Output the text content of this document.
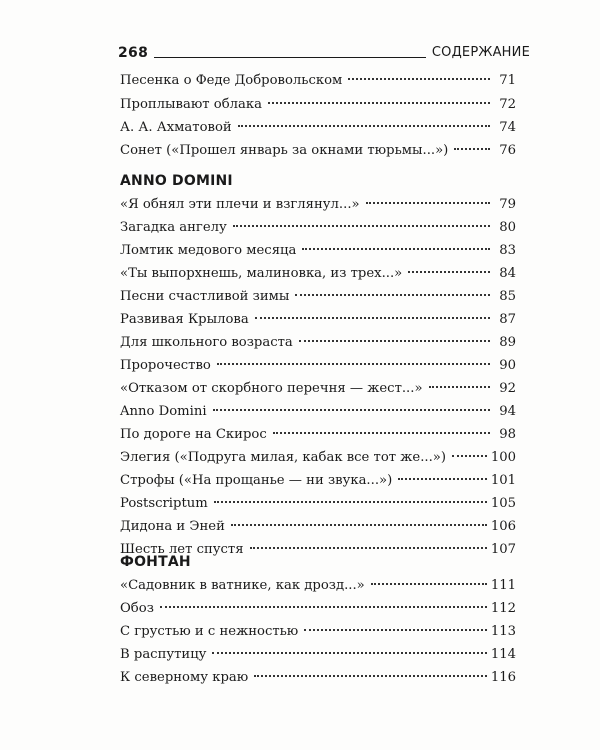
268	СОДЕРЖАНИЕ
Песенка о Феде Добровольском	71
Проплывают облака	72
А. А. Ахматовой	74
Сонет («Прошел январь за окнами тюрьмы...»)	76
ANNO DOMINI
«Я обнял эти плечи и взглянул...»	79
Загадка ангелу	80
Ломтик медового месяца	83
«Ты выпорхнешь, малиновка, из трех...»	84
Песни счастливой зимы	85
Развивая Крылова	87
Для школьного возраста	89
Пророчество	90
«Отказом от скорбного перечня — жест...»	92
Anno Domini	94
По дороге на Скирос	98
Элегия («Подруга милая, кабак все тот же...»)	100
Строфы («На прощанье — ни звука...»)	101
Postscriptum	105
Дидона и Эней	106
Шесть лет спустя	107
ФОНТАН
«Садовник в ватнике, как дрозд...»	111
Обоз	112
С грустью и с нежностью	113
В распутицу	114
К северному краю	116
